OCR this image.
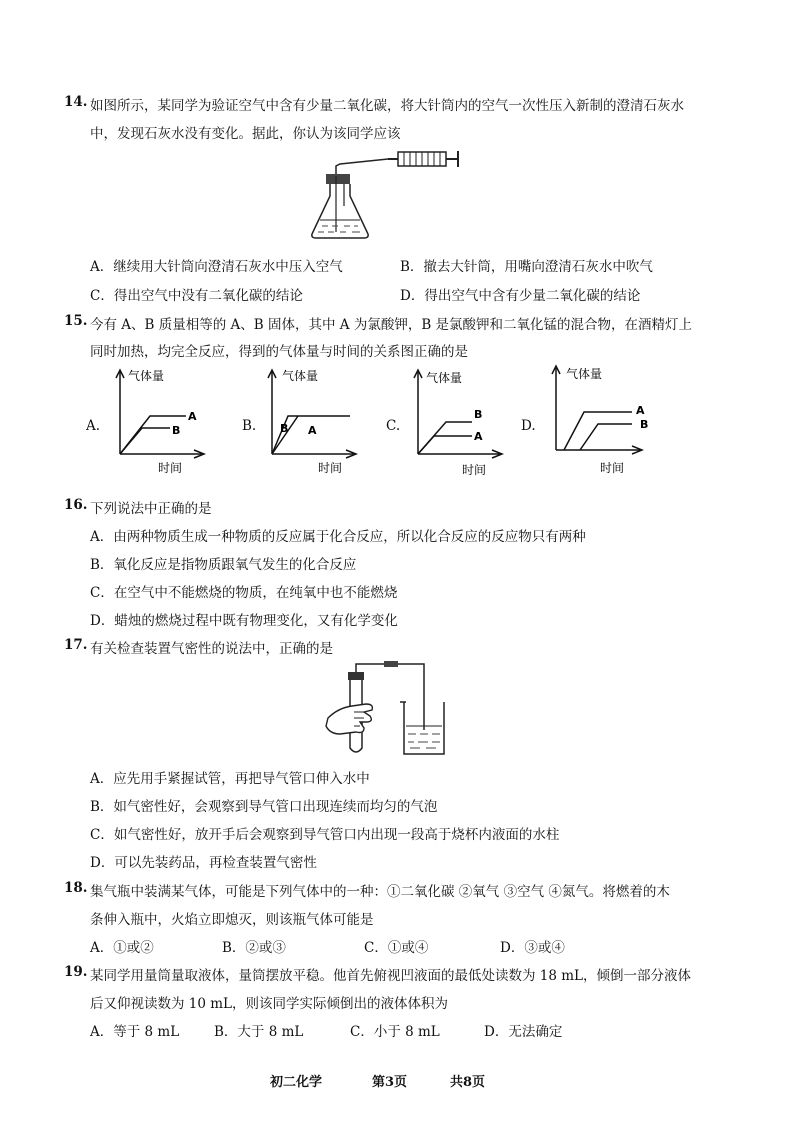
14. 如图所示，某同学为验证空气中含有少量二氧化碳，将大针筒内的空气一次性压入新制的澄清石灰水
中，发现石灰水没有变化。据此，你认为该同学应该
A．继续用大针筒向澄清石灰水中压入空气	B．撤去大针筒，用嘴向澄清石灰水中吹气
C．得出空气中没有二氧化碳的结论	D．得出空气中含有少量二氧化碳的结论
15. 今有 A、B 质量相等的 A、B 固体，其中 A 为氯酸钾，B 是氯酸钾和二氧化锰的混合物，在酒精灯上
同时加热，均完全反应，得到的气体量与时间的关系图正确的是
A.
气体量
时间
A
B	B.
气体量
时间
B A	C.
气体量
时间
B
A
D.
气体量
时间
A
B
16. 下列说法中正确的是
A．由两种物质生成一种物质的反应属于化合反应，所以化合反应的反应物只有两种
B．氧化反应是指物质跟氧气发生的化合反应
C．在空气中不能燃烧的物质，在纯氧中也不能燃烧
D．蜡烛的燃烧过程中既有物理变化，又有化学变化
17. 有关检查装置气密性的说法中，正确的是
A．应先用手紧握试管，再把导气管口伸入水中
B．如气密性好，会观察到导气管口出现连续而均匀的气泡
C．如气密性好，放开手后会观察到导气管口内出现一段高于烧杯内液面的水柱
D．可以先装药品，再检查装置气密性
18. 集气瓶中装满某气体，可能是下列气体中的一种：①二氧化碳 ②氧气 ③空气 ④氮气。将燃着的木
条伸入瓶中，火焰立即熄灭，则该瓶气体可能是
A．①或②	B．②或③	C．①或④	D．③或④
19. 某同学用量筒量取液体，量筒摆放平稳。他首先俯视凹液面的最低处读数为 18 mL，倾倒一部分液体
后又仰视读数为 10 mL，则该同学实际倾倒出的液体体积为
A．等于 8 mL	B．大于 8 mL	C．小于 8 mL	D．无法确定
初二化学	第3页	共8页
